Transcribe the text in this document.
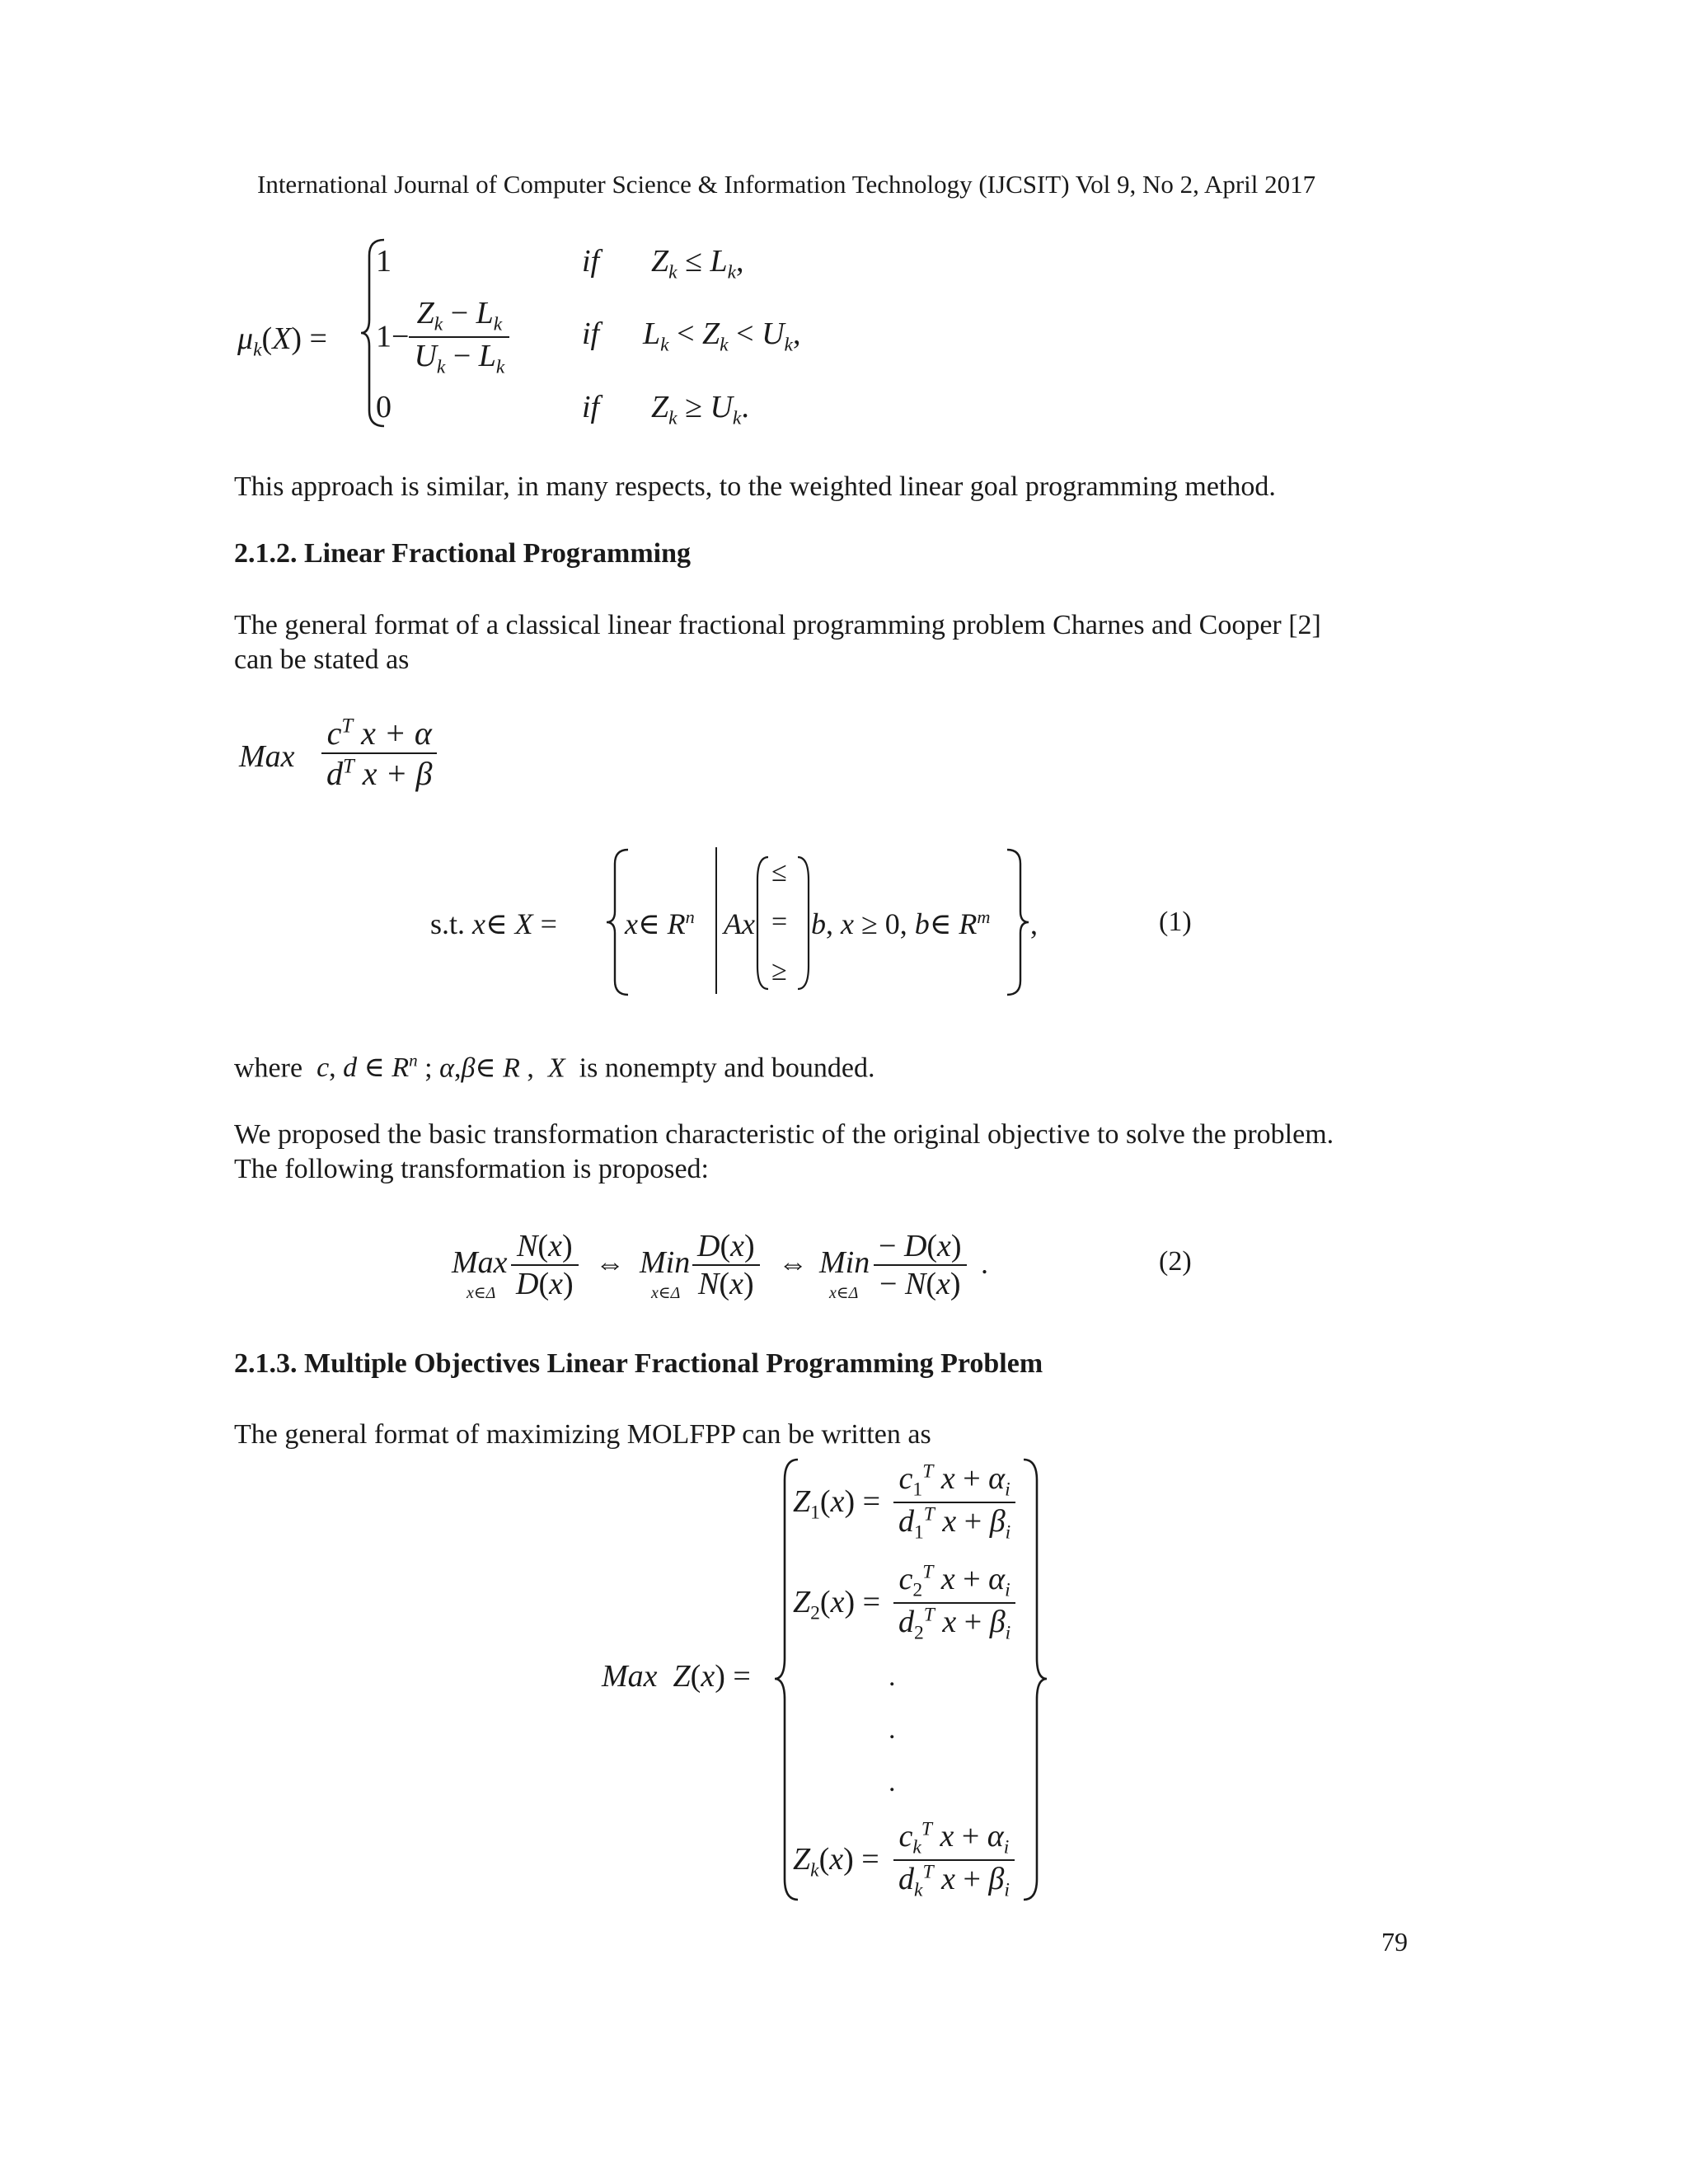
International Journal of Computer Science & Information Technology (IJCSIT) Vol 9, No 2, April 2017
$\mu_k(X)$ =
1	if $Z_k \le L_k$,
$1- \frac{Z_k - L_k}{U_k - L_k}$ if $L_k < Z_k < U_k$,
0	if $Z_k \ge U_k$.
This approach is similar, in many respects, to the weighted linear goal programming method.
2.1.2. Linear Fractional Programming
The general format of a classical linear fractional programming problem Charnes and Cooper [2]
can be stated as
Max $\frac{c^T x + \alpha}{d^T x + \beta}$
s.t. x∈ X = x∈ $R^n$ Ax
≤
=
≥
b, x ≥ 0, b∈ $R^m$ ,	(1)
where c, d ∈ $R^n$ ; α,β∈ R ,  X is nonempty and bounded.
We proposed the basic transformation characteristic of the original objective to solve the problem.
The following transformation is proposed:
Max
x∈Δ $\frac{N(x)}{D(x)}$ ⇔ Min
x∈Δ $\frac{D(x)}{N(x)}$ ⇔ Min
x∈Δ $\frac{- D(x)}{- N(x)}$ .	(2)
2.1.3. Multiple Objectives Linear Fractional Programming Problem
The general format of maximizing MOLFPP can be written as
Max  Z(x) =
$Z_1(x) = \frac{c_1^T x + \alpha_i}{d_1^T x + \beta_i}$
$Z_2(x) = \frac{c_2^T x + \alpha_i}{d_2^T x + \beta_i}$
.
.
.
$Z_k(x)$ =
$c_k^T$ $x + \alpha_i$
$d_k^T$ $x + \beta_i$
79
